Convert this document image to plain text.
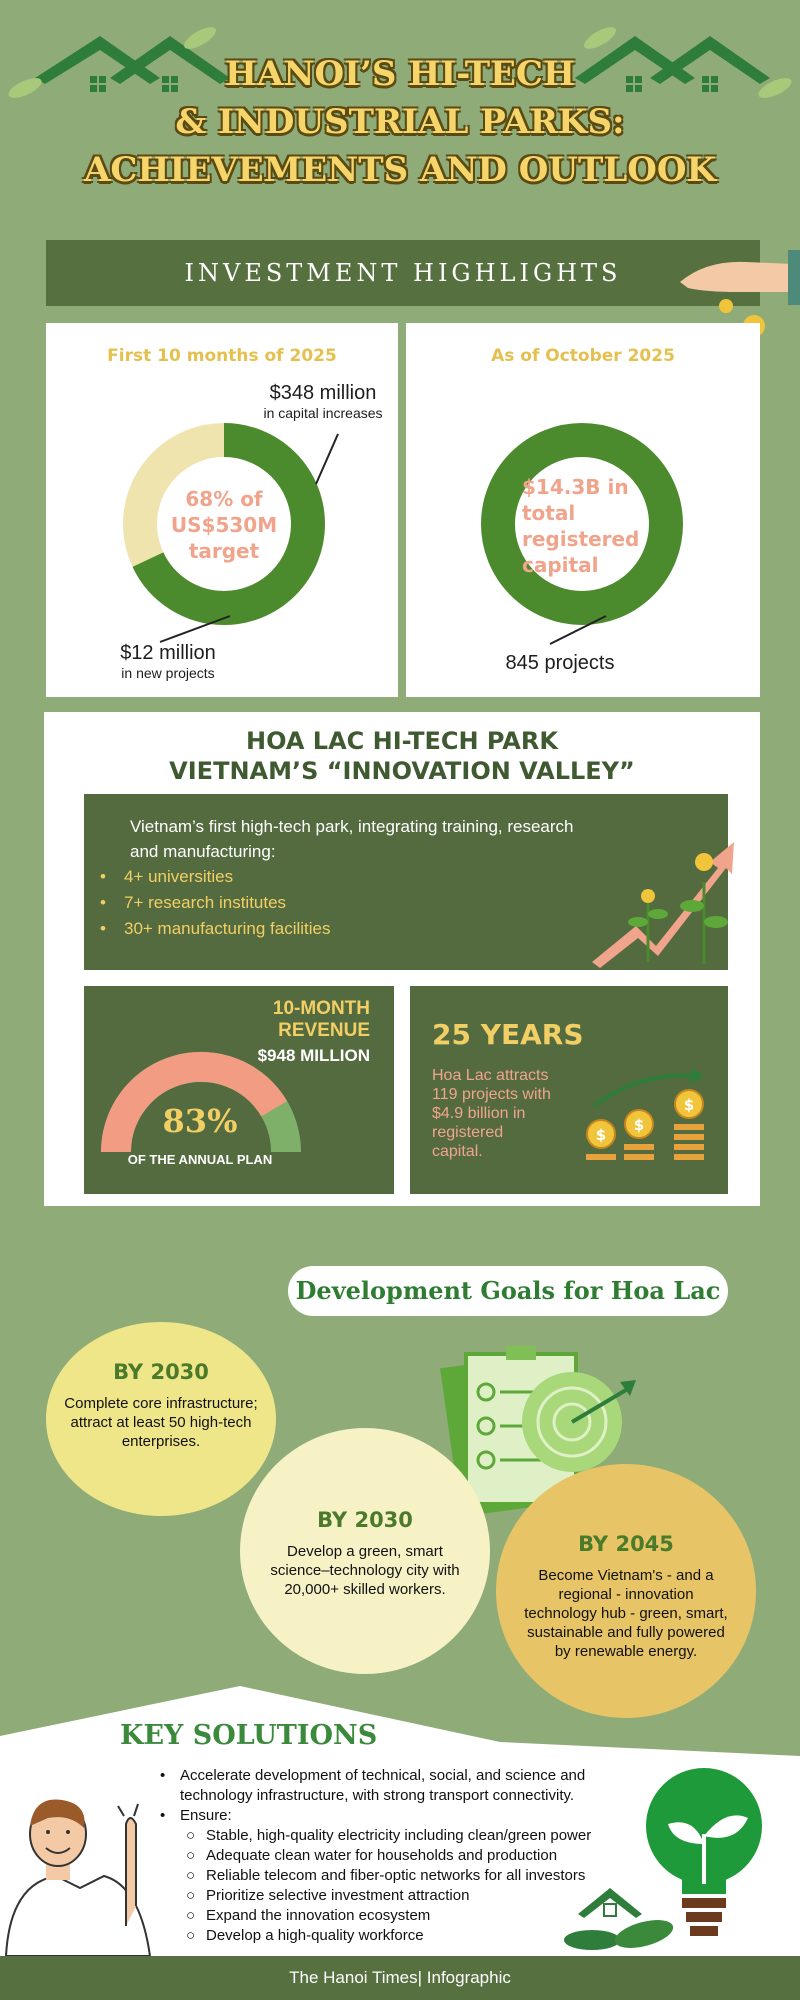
HANOI’S HI-TECH
& INDUSTRIAL PARKS:
ACHIEVEMENTS AND OUTLOOK
INVESTMENT HIGHLIGHTS
First 10 months of 2025	As of October 2025
68% of
US$530M
target
$348 million
in capital increases
$12 million
in new projects
$14.3B in
total
registered
capital
845 projects
HOA LAC HI-TECH PARK
VIETNAM’S “INNOVATION VALLEY”
Vietnam’s first high-tech park, integrating training, research
and manufacturing:
• 4+ universities
• 7+ research institutes
• 30+ manufacturing facilities
10-MONTH
REVENUE
$948 MILLION
83%
OF THE ANNUAL PLAN
25 YEARS
Hoa Lac attracts
119 projects with
$4.9 billion in
registered
capital.
$
$
$
Development Goals for Hoa Lac
BY 2030
Complete core infrastructure;
attract at least 50 high-tech
enterprises.
BY 2030
Develop a green, smart
science–technology city with
20,000+ skilled workers.
BY 2045
Become Vietnam's - and a
regional - innovation
technology hub - green, smart,
sustainable and fully powered
by renewable energy.
KEY SOLUTIONS
• Accelerate development of technical, social, and science and
technology infrastructure, with strong transport connectivity.
• Ensure:
○ Stable, high-quality electricity including clean/green power
○ Adequate clean water for households and production
○ Reliable telecom and fiber-optic networks for all investors
○ Prioritize selective investment attraction
○ Expand the innovation ecosystem
○ Develop a high-quality workforce
The Hanoi Times| Infographic
